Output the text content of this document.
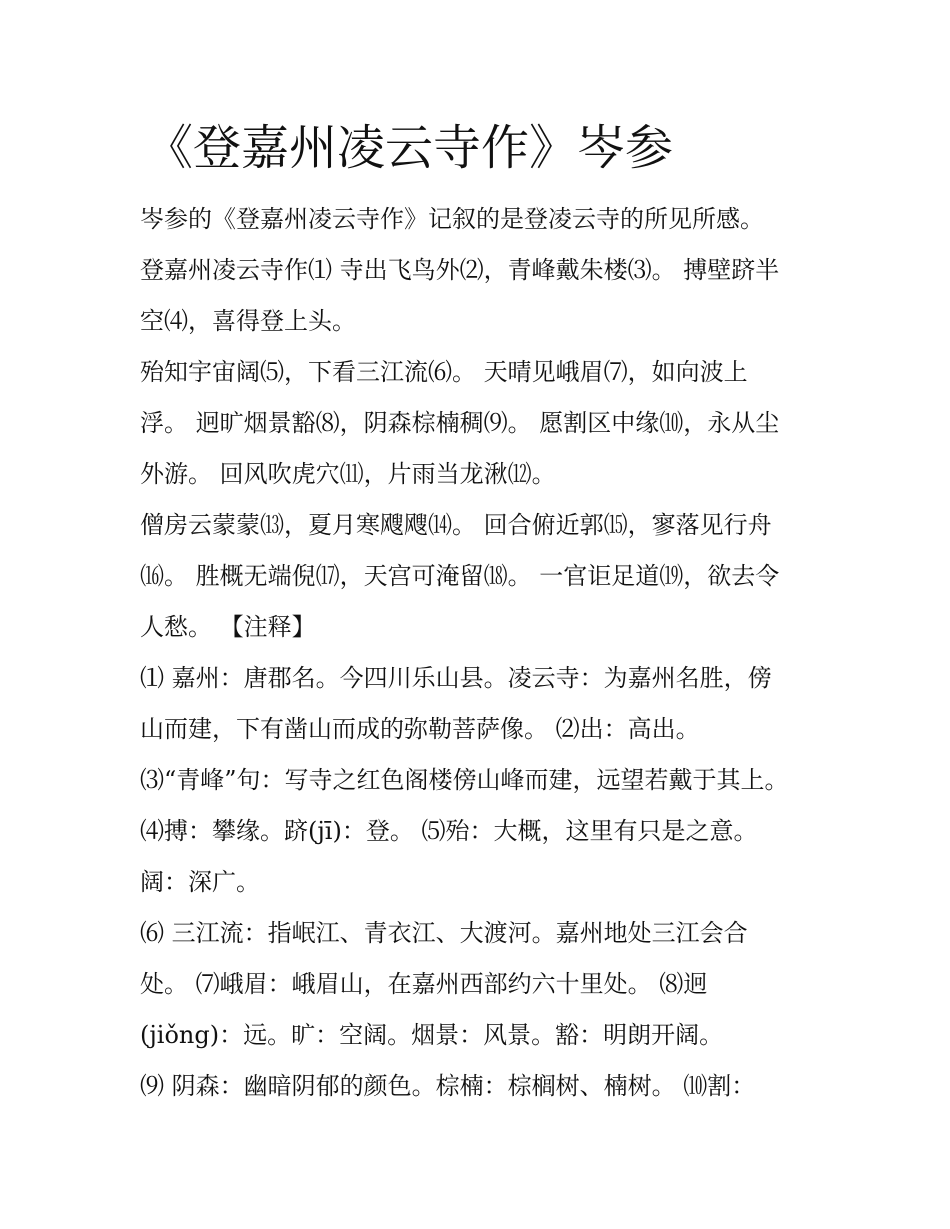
《登嘉州凌云寺作》岑参

岑参的《登嘉州凌云寺作》记叙的是登凌云寺的所见所感。

登嘉州凌云寺作⑴ 寺出飞鸟外⑵，青峰戴朱楼⑶。 搏壁跻半

空⑷，喜得登上头。

殆知宇宙阔⑸，下看三江流⑹。 天晴见峨眉⑺，如向波上

浮。 迥旷烟景豁⑻，阴森棕楠稠⑼。 愿割区中缘⑽，永从尘

外游。 回风吹虎穴⑾，片雨当龙湫⑿。

僧房云蒙蒙⒀，夏月寒飕飕⒁。 回合俯近郭⒂，寥落见行舟

⒃。 胜概无端倪⒄，天宫可淹留⒅。 一官讵足道⒆，欲去令

人愁。 【注释】

⑴ 嘉州：唐郡名。今四川乐山县。凌云寺：为嘉州名胜，傍

山而建，下有凿山而成的弥勒菩萨像。 ⑵出：高出。

⑶“青峰”句：写寺之红色阁楼傍山峰而建，远望若戴于其上。

⑷搏：攀缘。跻(jī)：登。 ⑸殆：大概，这里有只是之意。

阔：深广。

⑹ 三江流：指岷江、青衣江、大渡河。嘉州地处三江会合

处。 ⑺峨眉：峨眉山，在嘉州西部约六十里处。 ⑻迥

(jiǒng)：远。旷：空阔。烟景：风景。豁：明朗开阔。

⑼ 阴森：幽暗阴郁的颜色。棕楠：棕榈树、楠树。 ⑽割：
